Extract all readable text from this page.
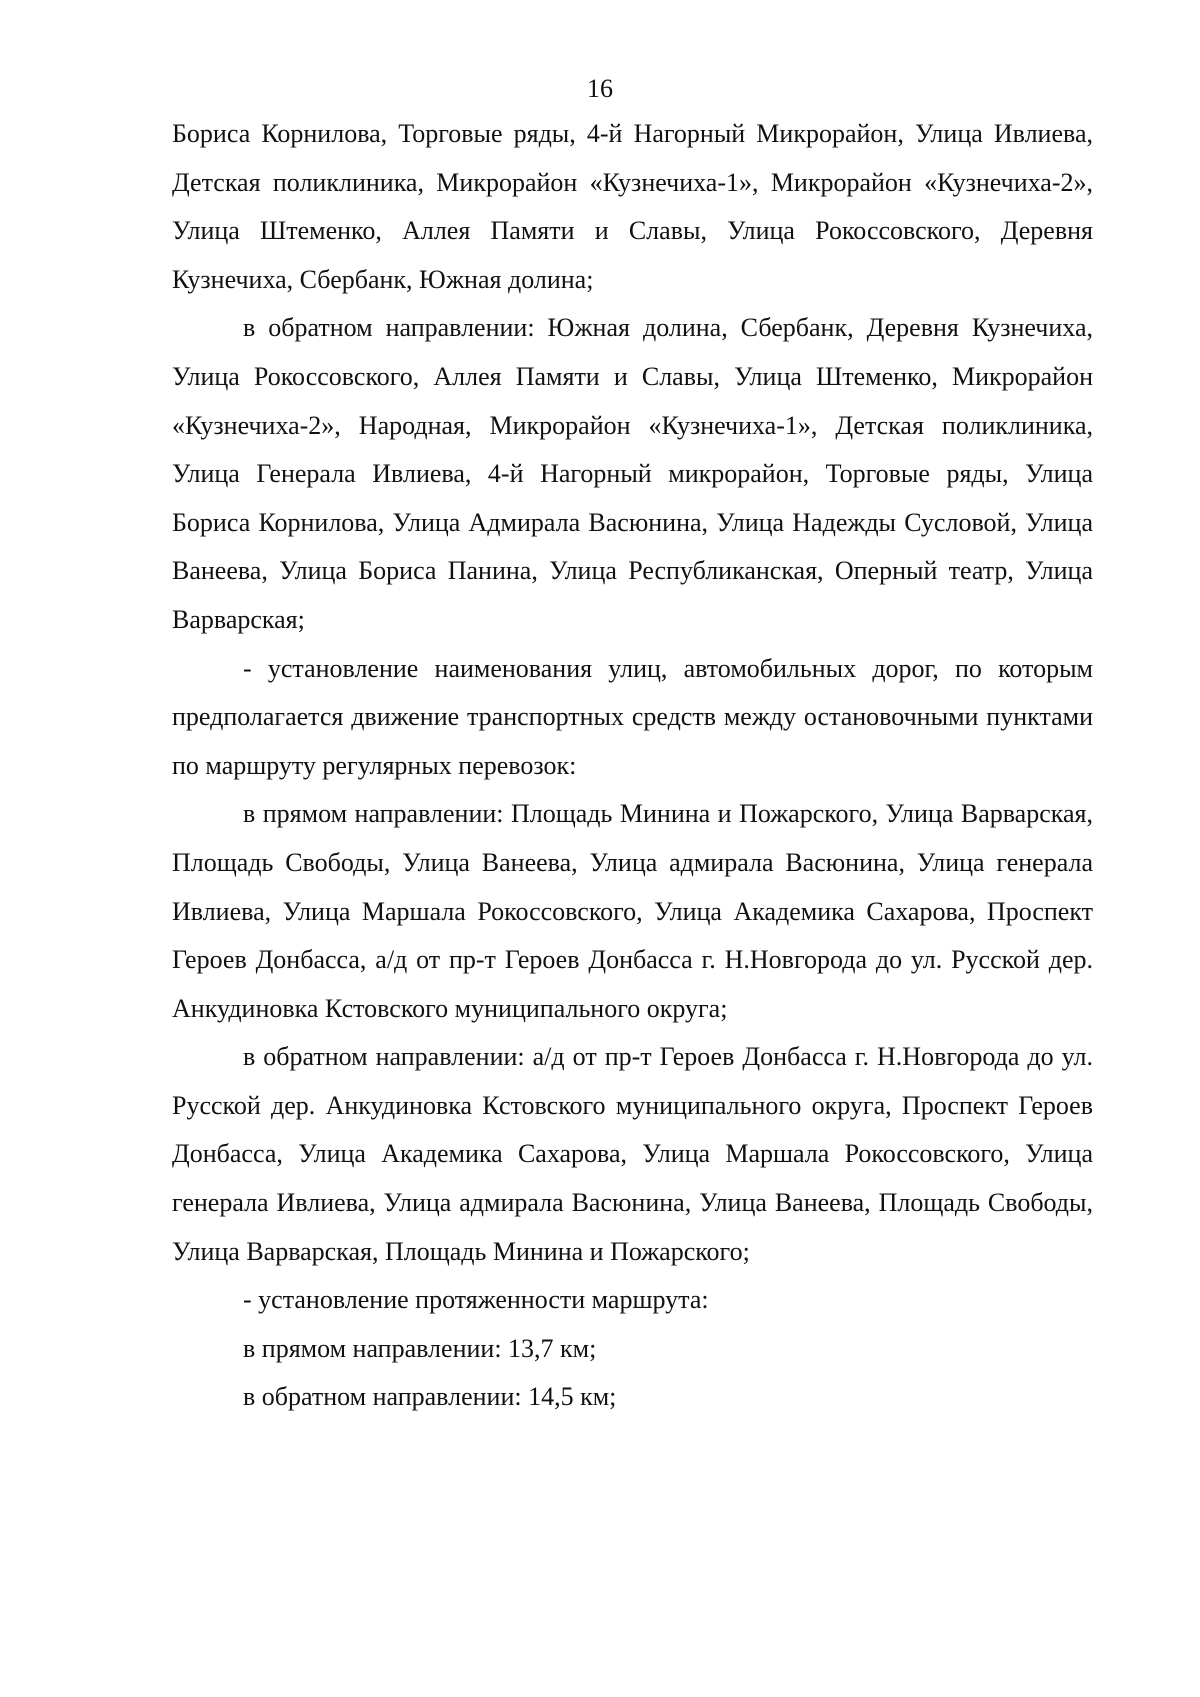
16

Бориса Корнилова, Торговые ряды, 4-й Нагорный Микрорайон, Улица Ивлиева, Детская поликлиника, Микрорайон «Кузнечиха-1», Микрорайон «Кузнечиха-2», Улица Штеменко, Аллея Памяти и Славы, Улица Рокоссовского, Деревня Кузнечиха, Сбербанк, Южная долина;

в обратном направлении: Южная долина, Сбербанк, Деревня Кузнечиха, Улица Рокоссовского, Аллея Памяти и Славы, Улица Штеменко, Микрорайон «Кузнечиха-2», Народная, Микрорайон «Кузнечиха-1», Детская поликлиника, Улица Генерала Ивлиева, 4-й Нагорный микрорайон, Торговые ряды, Улица Бориса Корнилова, Улица Адмирала Васюнина, Улица Надежды Сусловой, Улица Ванеева, Улица Бориса Панина, Улица Республиканская, Оперный театр, Улица Варварская;

- установление наименования улиц, автомобильных дорог, по которым предполагается движение транспортных средств между остановочными пунктами по маршруту регулярных перевозок:

в прямом направлении: Площадь Минина и Пожарского, Улица Варварская, Площадь Свободы, Улица Ванеева, Улица адмирала Васюнина, Улица генерала Ивлиева, Улица Маршала Рокоссовского, Улица Академика Сахарова, Проспект Героев Донбасса, а/д от пр-т Героев Донбасса г. Н.Новгорода до ул. Русской дер. Анкудиновка Кстовского муниципального округа;

в обратном направлении: а/д от пр-т Героев Донбасса г. Н.Новгорода до ул. Русской дер. Анкудиновка Кстовского муниципального округа, Проспект Героев Донбасса, Улица Академика Сахарова, Улица Маршала Рокоссовского, Улица генерала Ивлиева, Улица адмирала Васюнина, Улица Ванеева, Площадь Свободы, Улица Варварская, Площадь Минина и Пожарского;

- установление протяженности маршрута:

в прямом направлении: 13,7 км;

в обратном направлении: 14,5 км;
